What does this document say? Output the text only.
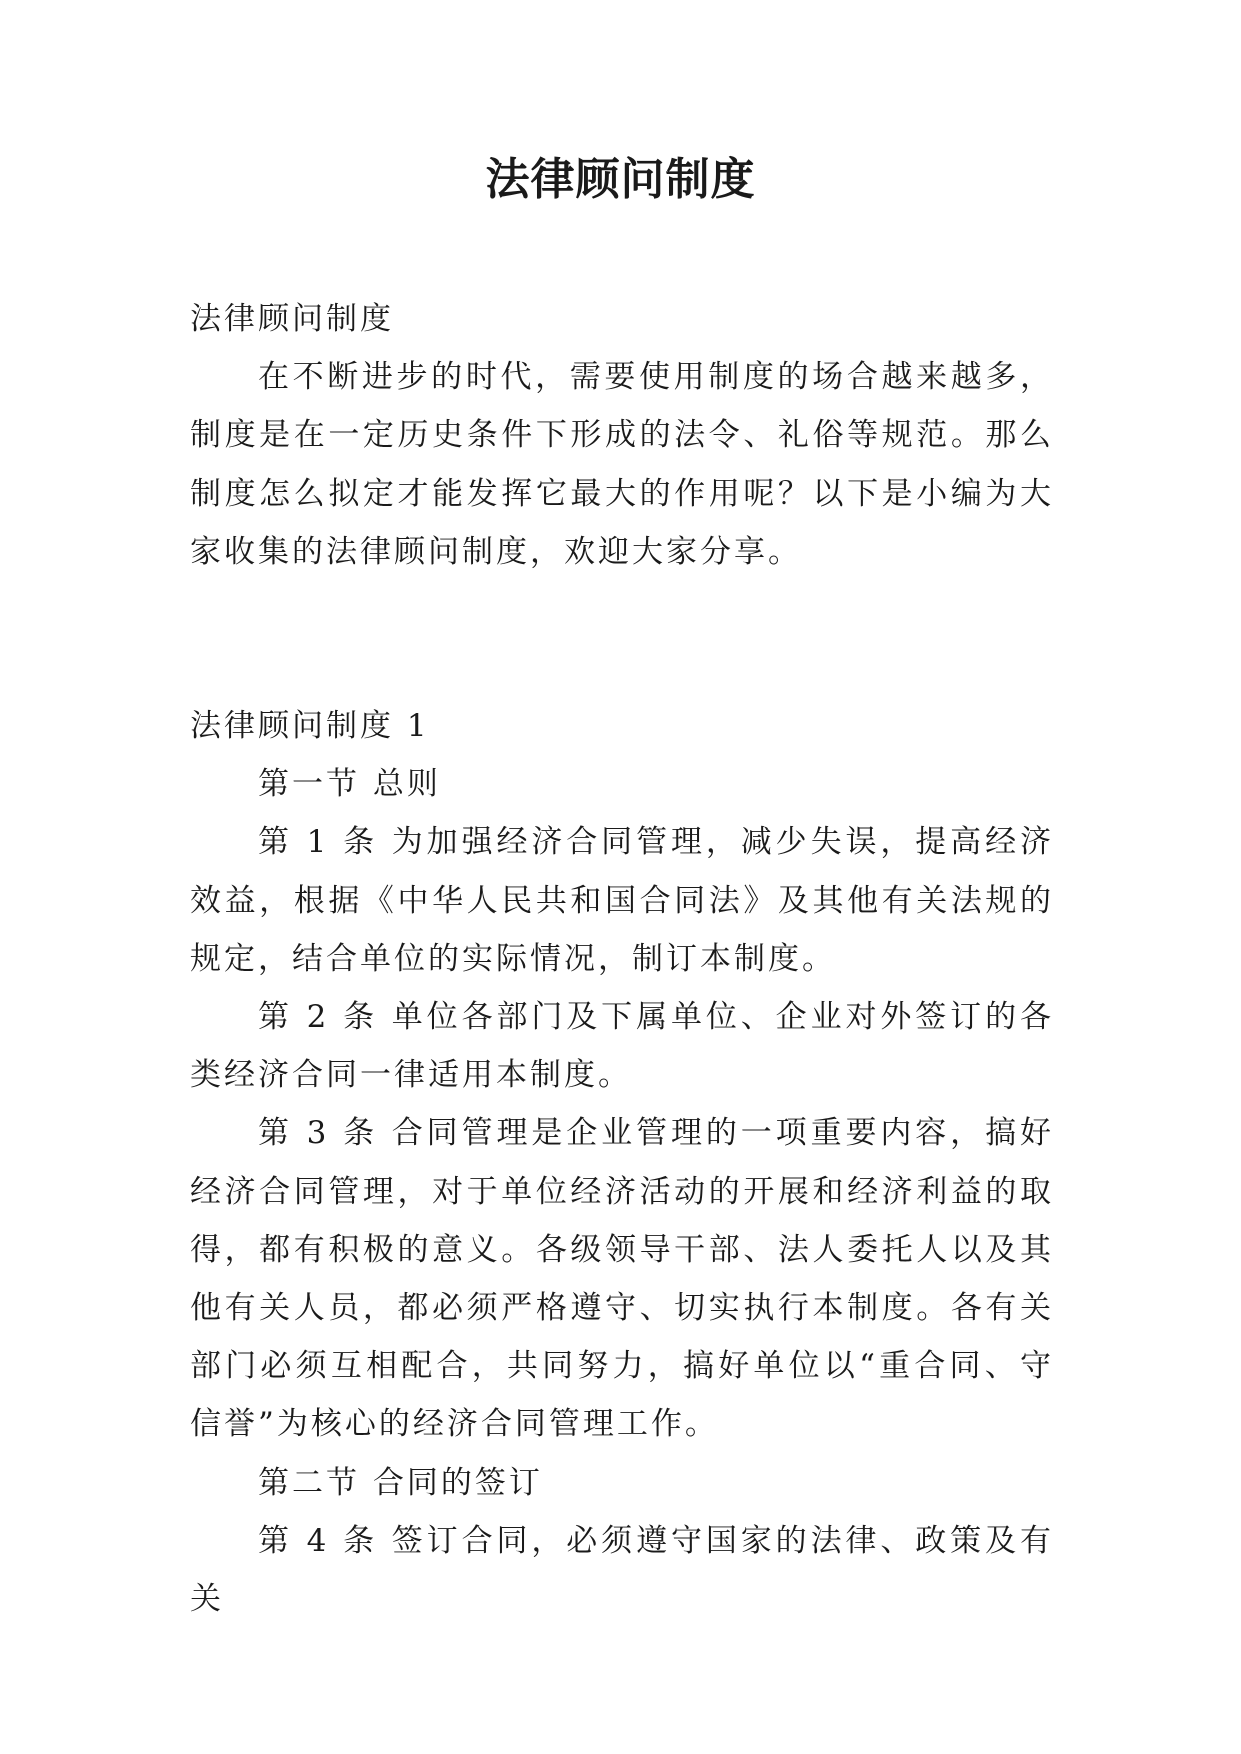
法律顾问制度

法律顾问制度

在不断进步的时代，需要使用制度的场合越来越多，制度是在一定历史条件下形成的法令、礼俗等规范。那么制度怎么拟定才能发挥它最大的作用呢？以下是小编为大家收集的法律顾问制度，欢迎大家分享。

法律顾问制度 1

第一节 总则

第 1 条 为加强经济合同管理，减少失误，提高经济效益，根据《中华人民共和国合同法》及其他有关法规的规定，结合单位的实际情况，制订本制度。

第 2 条 单位各部门及下属单位、企业对外签订的各类经济合同一律适用本制度。

第 3 条 合同管理是企业管理的一项重要内容，搞好经济合同管理，对于单位经济活动的开展和经济利益的取得，都有积极的意义。各级领导干部、法人委托人以及其他有关人员，都必须严格遵守、切实执行本制度。各有关部门必须互相配合，共同努力，搞好单位以“重合同、守信誉”为核心的经济合同管理工作。

第二节 合同的签订

第 4 条 签订合同，必须遵守国家的法律、政策及有关
